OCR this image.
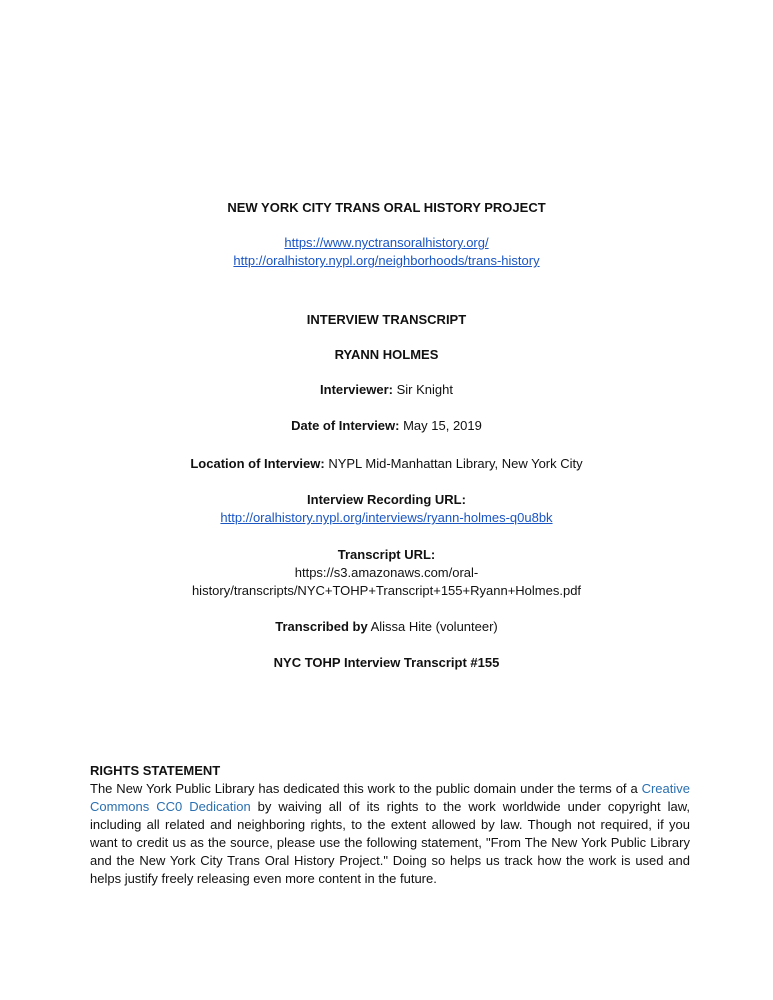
NEW YORK CITY TRANS ORAL HISTORY PROJECT
https://www.nyctransoralhistory.org/
http://oralhistory.nypl.org/neighborhoods/trans-history
INTERVIEW TRANSCRIPT
RYANN HOLMES
Interviewer: Sir Knight
Date of Interview: May 15, 2019
Location of Interview: NYPL Mid-Manhattan Library, New York City
Interview Recording URL:
http://oralhistory.nypl.org/interviews/ryann-holmes-q0u8bk
Transcript URL:
https://s3.amazonaws.com/oral-
history/transcripts/NYC+TOHP+Transcript+155+Ryann+Holmes.pdf
Transcribed by Alissa Hite (volunteer)
NYC TOHP Interview Transcript #155
RIGHTS STATEMENT

The New York Public Library has dedicated this work to the public domain under the terms of a Creative Commons CC0 Dedication by waiving all of its rights to the work worldwide under copyright law, including all related and neighboring rights, to the extent allowed by law. Though not required, if you want to credit us as the source, please use the following statement, "From The New York Public Library and the New York City Trans Oral History Project." Doing so helps us track how the work is used and helps justify freely releasing even more content in the future.
